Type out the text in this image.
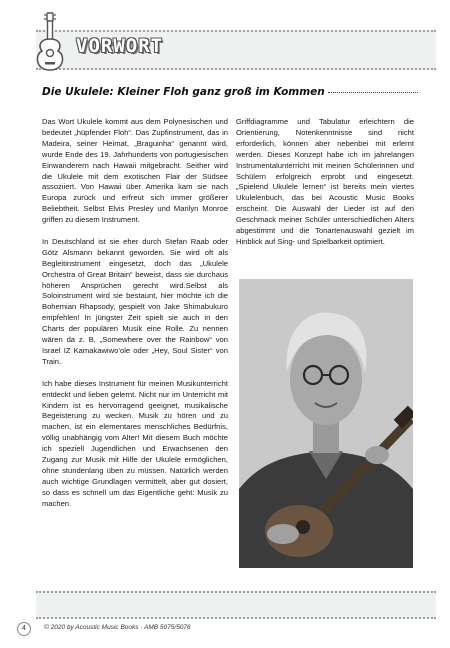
VORWORT
Die Ukulele: Kleiner Floh ganz groß im Kommen

Das Wort Ukulele kommt aus dem Polynesischen und bedeutet „hüpfender Floh“. Das Zupfinstrument, das in Madeira, seiner Heimat, „Braguinha“ genannt wird, wurde Ende des 19. Jahrhunderts von portugiesischen Einwanderern nach Hawaii mitgebracht. Seither wird die Ukulele mit dem exotischen Flair der Südsee assoziiert. Von Hawaii über Amerika kam sie nach Europa zurück und erfreut sich immer größerer Beliebtheit. Selbst Elvis Presley und Marilyn Monroe griffen zu diesem Instrument.

In Deutschland ist sie eher durch Stefan Raab oder Götz Alsmann bekannt geworden. Sie wird oft als Begleitinstrument eingesetzt, doch das „Ukulele Orchestra of Great Britain“ beweist, dass sie durchaus höheren Ansprüchen gerecht wird.Selbst als Soloinstrument wird sie bestaunt, hier möchte ich die Bohemian Rhapsody, gespielt von Jake Shimabukuro empfehlen! In jüngster Zeit spielt sie auch in den Charts der populären Musik eine Rolle. Zu nennen wären da z. B. „Somewhere over the Rainbow“ von Israel IZ Kamakawiwo’ole oder „Hey, Soul Sister“ von Train.

Ich habe dieses Instrument für meinen Musikunterricht entdeckt und lieben gelernt. Nicht nur im Unterricht mit Kindern ist es hervorragend geeignet, musikalische Begeisterung zu wecken. Musik zu hören und zu machen, ist ein elementares menschliches Bedürfnis, völlig unabhängig vom Alter! Mit diesem Buch möchte ich speziell Jugendlichen und Erwachsenen den Zugang zur Musik mit Hilfe der Ukulele ermöglichen, ohne stundenlang üben zu müssen. Natürlich werden auch wichtige Grundlagen vermittelt, aber gut dosiert, so dass es schnell um das Eigentliche geht: Musik zu machen.

Griffdiagramme und Tabulatur erleichtern die Orientierung, Notenkenntnisse sind nicht erforderlich, können aber nebenbei mit erlernt werden. Dieses Konzept habe ich im jahrelangen Instrumentalunterricht mit meinen Schülerinnen und Schülern erfolgreich erprobt und eingesetzt. „Spielend Ukulele lernen“ ist bereits mein viertes Ukulelenbuch, das bei Acoustic Music Books erscheint. Die Auswahl der Lieder ist auf den Geschmack meiner Schüler unterschiedlichen Alters abgestimmt und die Tonartenauswahl gezielt im Hinblick auf Sing- und Spielbarkeit optimiert.

4	© 2020 by Acoustic Music Books · AMB 5075/5076
